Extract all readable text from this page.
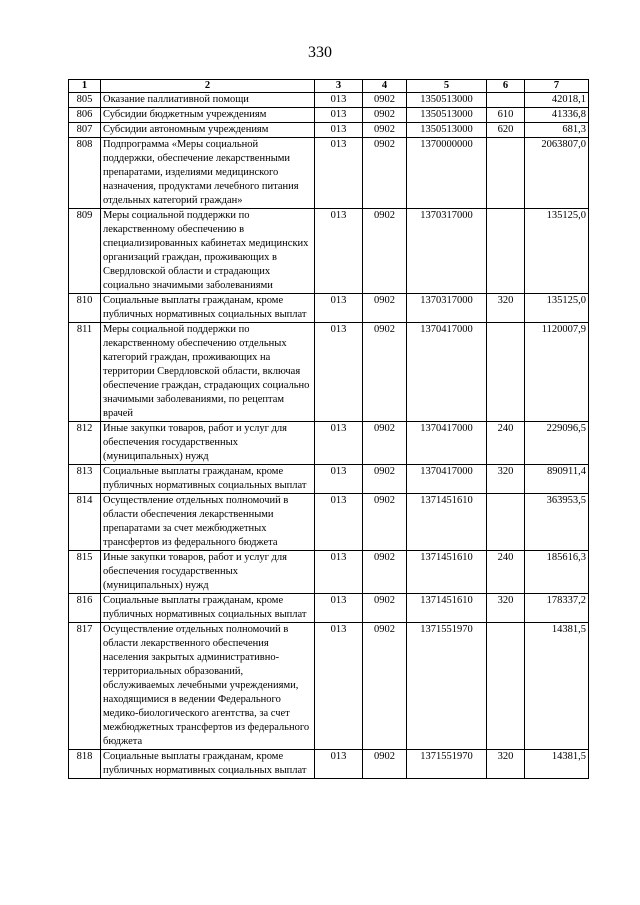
330
1	2	3	4	5	6	7
805	Оказание паллиативной помощи	013	0902	1350513000		42018,1
806	Субсидии бюджетным учреждениям	013	0902	1350513000	610	41336,8
807	Субсидии автономным учреждениям	013	0902	1350513000	620	681,3
808	Подпрограмма «Меры социальной поддержки, обеспечение лекарственными препаратами, изделиями медицинского назначения, продуктами лечебного питания отдельных категорий граждан»	013	0902	1370000000		2063807,0
809	Меры социальной поддержки по лекарственному обеспечению в специализированных кабинетах медицинских организаций граждан, проживающих в Свердловской области и страдающих социально значимыми заболеваниями	013	0902	1370317000		135125,0
810	Социальные выплаты гражданам, кроме публичных нормативных социальных выплат	013	0902	1370317000	320	135125,0
811	Меры социальной поддержки по лекарственному обеспечению отдельных категорий граждан, проживающих на территории Свердловской области, включая обеспечение граждан, страдающих социально значимыми заболеваниями, по рецептам врачей	013	0902	1370417000		1120007,9
812	Иные закупки товаров, работ и услуг для обеспечения государственных (муниципальных) нужд	013	0902	1370417000	240	229096,5
813	Социальные выплаты гражданам, кроме публичных нормативных социальных выплат	013	0902	1370417000	320	890911,4
814	Осуществление отдельных полномочий в области обеспечения лекарственными препаратами за счет межбюджетных трансфертов из федерального бюджета	013	0902	1371451610		363953,5
815	Иные закупки товаров, работ и услуг для обеспечения государственных (муниципальных) нужд	013	0902	1371451610	240	185616,3
816	Социальные выплаты гражданам, кроме публичных нормативных социальных выплат	013	0902	1371451610	320	178337,2
817	Осуществление отдельных полномочий в области лекарственного обеспечения населения закрытых административно-территориальных образований, обслуживаемых лечебными учреждениями, находящимися в ведении Федерального медико-биологического агентства, за счет межбюджетных трансфертов из федерального бюджета	013	0902	1371551970		14381,5
818	Социальные выплаты гражданам, кроме публичных нормативных социальных выплат	013	0902	1371551970	320	14381,5
